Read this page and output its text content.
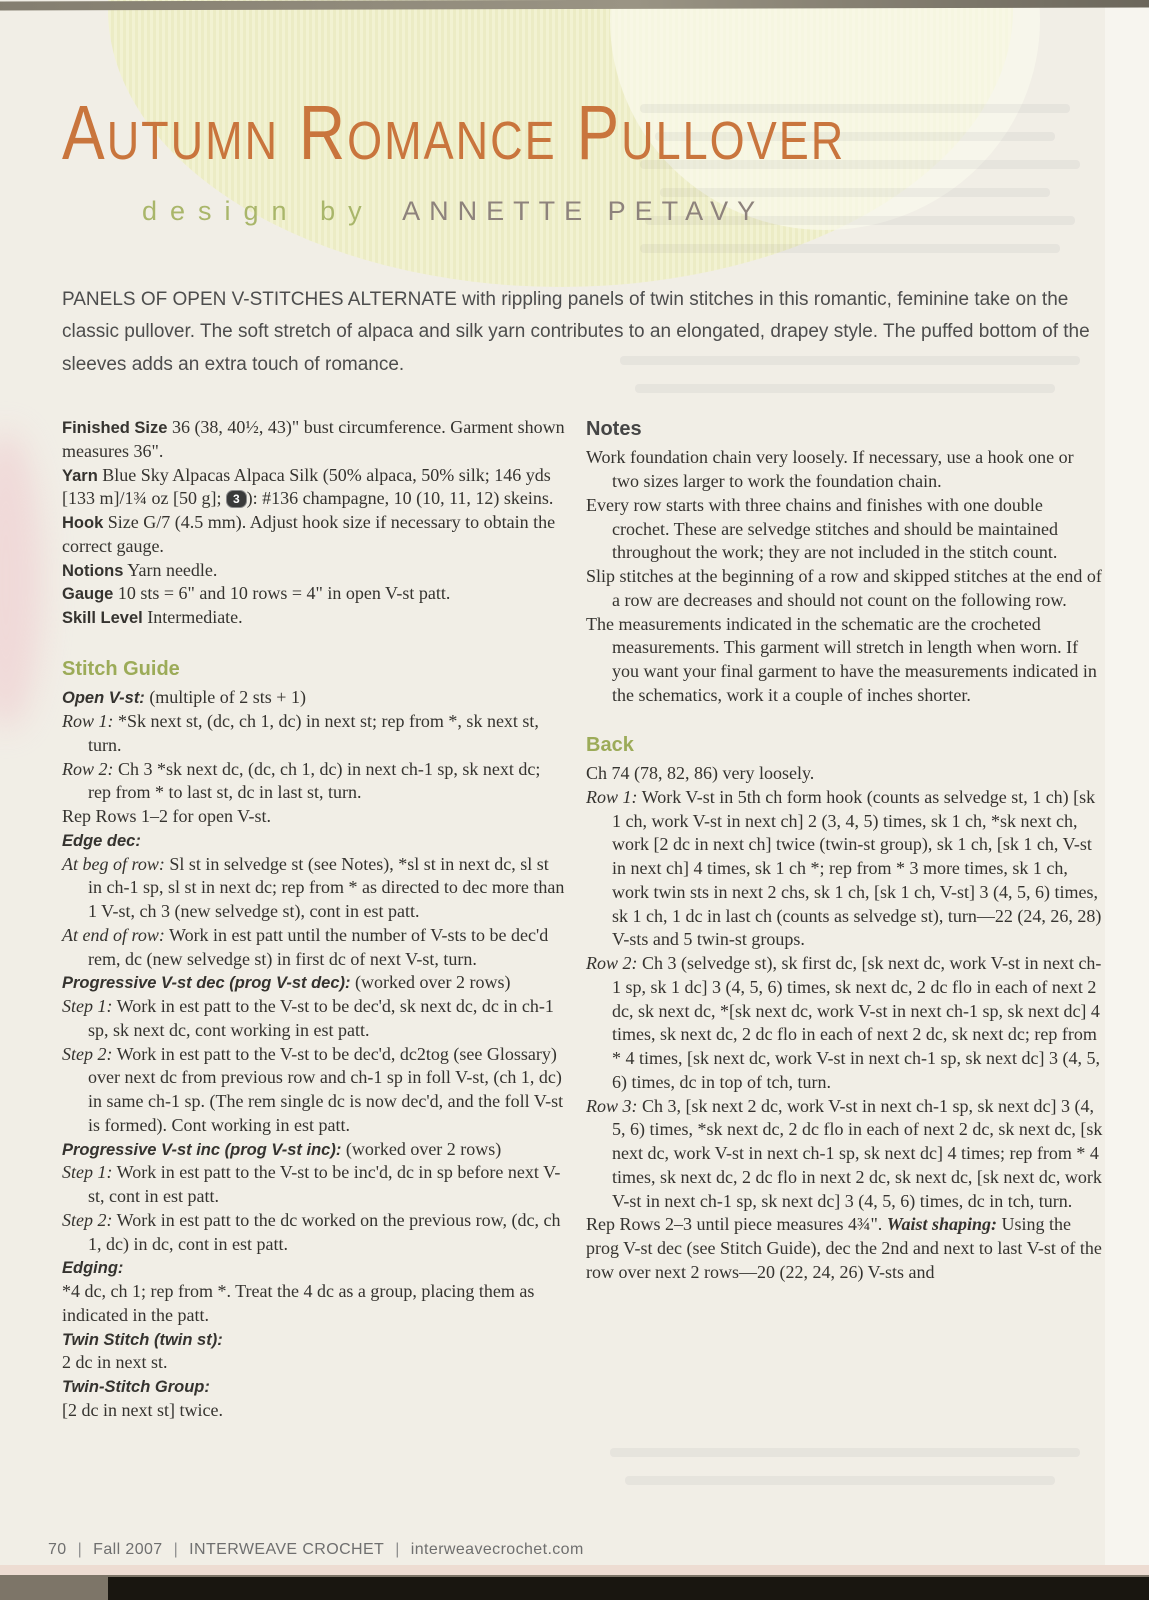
Autumn Romance Pullover
design by ANNETTE PETAVY

PANELS OF OPEN V-STITCHES ALTERNATE with rippling panels of twin stitches in this romantic, feminine take on the classic pullover. The soft stretch of alpaca and silk yarn contributes to an elongated, drapey style. The puffed bottom of the sleeves adds an extra touch of romance.

Finished Size 36 (38, 40½, 43)" bust circumference. Garment shown measures 36".

Yarn Blue Sky Alpacas Alpaca Silk (50% alpaca, 50% silk; 146 yds [133 m]/1¾ oz [50 g]; 3 ): #136 champagne, 10 (10, 11, 12) skeins.

Hook Size G/7 (4.5 mm). Adjust hook size if necessary to obtain the correct gauge.

Notions Yarn needle.

Gauge 10 sts = 6" and 10 rows = 4" in open V-st patt.

Skill Level Intermediate.

Stitch Guide

Open V-st: (multiple of 2 sts + 1)

Row 1: *Sk next st, (dc, ch 1, dc) in next st; rep from *, sk next st, turn.

Row 2: Ch 3 *sk next dc, (dc, ch 1, dc) in next ch-1 sp, sk next dc; rep from * to last st, dc in last st, turn.

Rep Rows 1–2 for open V-st.

Edge dec:

At beg of row: Sl st in selvedge st (see Notes), *sl st in next dc, sl st in ch-1 sp, sl st in next dc; rep from * as directed to dec more than 1 V-st, ch 3 (new selvedge st), cont in est patt.

At end of row: Work in est patt until the number of V-sts to be dec'd rem, dc (new selvedge st) in first dc of next V-st, turn.

Progressive V-st dec (prog V-st dec): (worked over 2 rows)

Step 1: Work in est patt to the V-st to be dec'd, sk next dc, dc in ch-1 sp, sk next dc, cont working in est patt.

Step 2: Work in est patt to the V-st to be dec'd, dc2tog (see Glossary) over next dc from previous row and ch-1 sp in foll V-st, (ch 1, dc) in same ch-1 sp. (The rem single dc is now dec'd, and the foll V-st is formed). Cont working in est patt.

Progressive V-st inc (prog V-st inc): (worked over 2 rows)

Step 1: Work in est patt to the V-st to be inc'd, dc in sp before next V-st, cont in est patt.

Step 2: Work in est patt to the dc worked on the previous row, (dc, ch 1, dc) in dc, cont in est patt.

Edging:

*4 dc, ch 1; rep from *. Treat the 4 dc as a group, placing them as indicated in the patt.

Twin Stitch (twin st):

2 dc in next st.

Twin-Stitch Group:

[2 dc in next st] twice.

Notes

Work foundation chain very loosely. If necessary, use a hook one or two sizes larger to work the foundation chain.

Every row starts with three chains and finishes with one double crochet. These are selvedge stitches and should be maintained throughout the work; they are not included in the stitch count.

Slip stitches at the beginning of a row and skipped stitches at the end of a row are decreases and should not count on the following row.

The measurements indicated in the schematic are the crocheted measurements. This garment will stretch in length when worn. If you want your final garment to have the measurements indicated in the schematics, work it a couple of inches shorter.

Back

Ch 74 (78, 82, 86) very loosely.

Row 1: Work V-st in 5th ch form hook (counts as selvedge st, 1 ch) [sk 1 ch, work V-st in next ch] 2 (3, 4, 5) times, sk 1 ch, *sk next ch, work [2 dc in next ch] twice (twin-st group), sk 1 ch, [sk 1 ch, V-st in next ch] 4 times, sk 1 ch *; rep from * 3 more times, sk 1 ch, work twin sts in next 2 chs, sk 1 ch, [sk 1 ch, V-st] 3 (4, 5, 6) times, sk 1 ch, 1 dc in last ch (counts as selvedge st), turn—22 (24, 26, 28) V-sts and 5 twin-st groups.

Row 2: Ch 3 (selvedge st), sk first dc, [sk next dc, work V-st in next ch-1 sp, sk 1 dc] 3 (4, 5, 6) times, sk next dc, 2 dc flo in each of next 2 dc, sk next dc, *[sk next dc, work V-st in next ch-1 sp, sk next dc] 4 times, sk next dc, 2 dc flo in each of next 2 dc, sk next dc; rep from * 4 times, [sk next dc, work V-st in next ch-1 sp, sk next dc] 3 (4, 5, 6) times, dc in top of tch, turn.

Row 3: Ch 3, [sk next 2 dc, work V-st in next ch-1 sp, sk next dc] 3 (4, 5, 6) times, *sk next dc, 2 dc flo in each of next 2 dc, sk next dc, [sk next dc, work V-st in next ch-1 sp, sk next dc] 4 times; rep from * 4 times, sk next dc, 2 dc flo in next 2 dc, sk next dc, [sk next dc, work V-st in next ch-1 sp, sk next dc] 3 (4, 5, 6) times, dc in tch, turn.

Rep Rows 2–3 until piece measures 4¾". Waist shaping: Using the prog V-st dec (see Stitch Guide), dec the 2nd and next to last V-st of the row over next 2 rows—20 (22, 24, 26) V-sts and

70 | Fall 2007 | INTERWEAVE CROCHET | interweavecrochet.com
